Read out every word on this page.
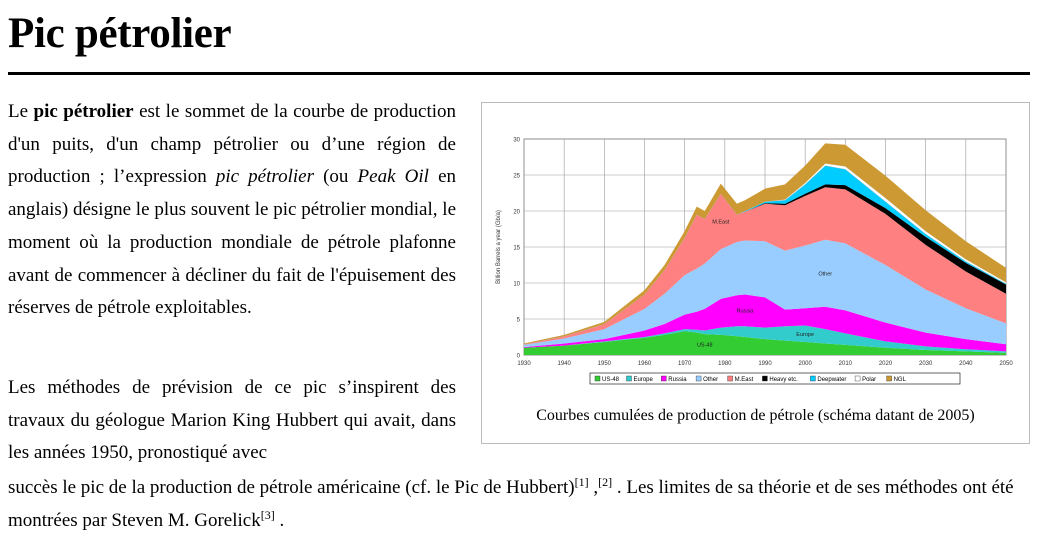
Pic pétrolier

Le pic pétrolier est le sommet de la courbe de production d'un puits, d'un champ pétrolier ou d’une région de production ; l’expression pic pétrolier (ou Peak Oil en anglais) désigne le plus souvent le pic pétrolier mondial, le moment où la production mondiale de pétrole plafonne avant de commencer à décliner du fait de l'épuisement des réserves de pétrole exploitables.

Les méthodes de prévision de ce pic s’inspirent des travaux du géologue Marion King Hubbert qui avait, dans les années 1950, pronostiqué avec

succès le pic de la production de pétrole américaine (cf. le Pic de Hubbert)[1] ,[2] . Les limites de sa théorie et de ses méthodes ont été montrées par Steven M. Gorelick[3] .

0
5
10
15
20
25
30
1930	1940	1950	1960	1970	1980	1990	2000	2010	2020	2030	2040	2050
Billion Barrels a year (Gb/a)
US-48
Europe
Russia
Other
M.East
US-48 Europe	Russia	Other	M.East	Heavy etc.	Deepwater	Polar	NGL
Courbes cumulées de production de pétrole (schéma datant de 2005)
